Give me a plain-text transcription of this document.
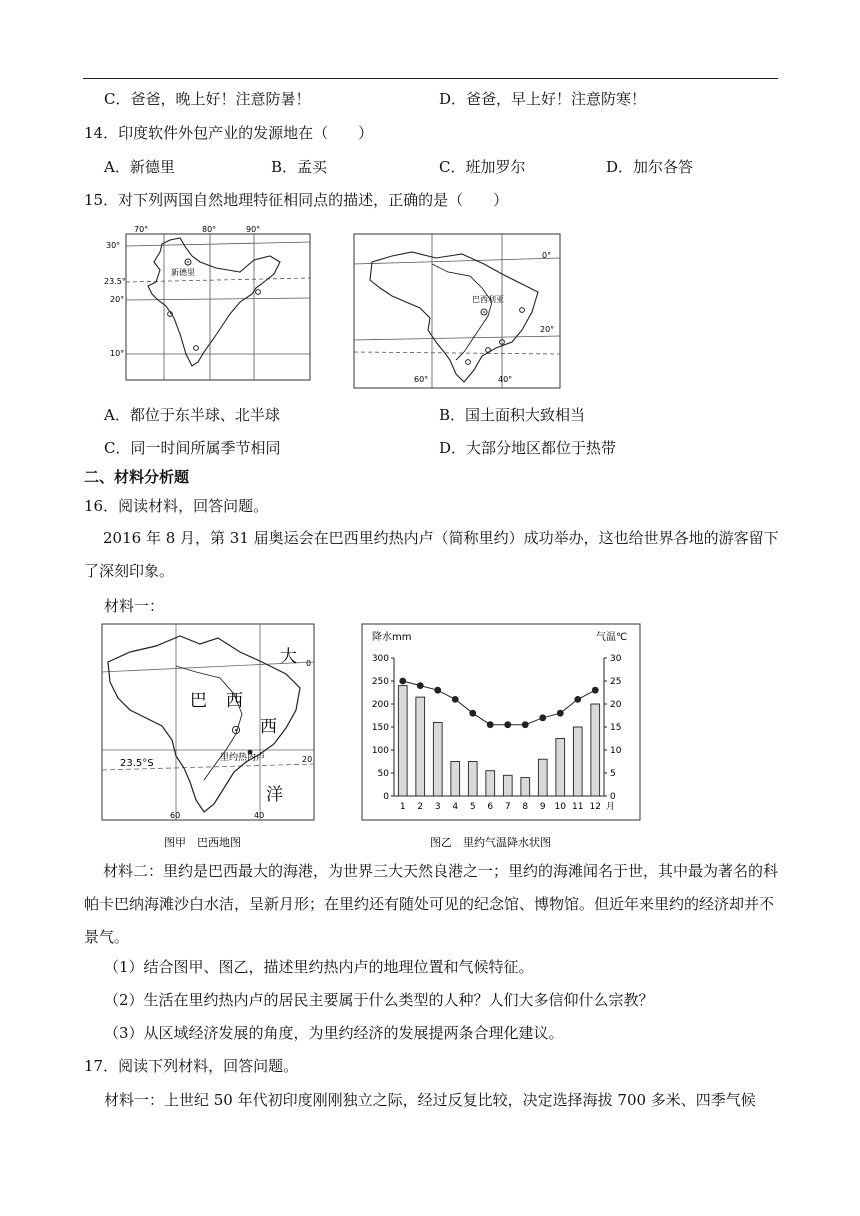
C．爸爸，晚上好！注意防暑！	D．爸爸，早上好！注意防寒！
14．印度软件外包产业的发源地在（　　）
A．新德里	B．孟买	C．班加罗尔	D．加尔各答
15．对下列两国自然地理特征相同点的描述，正确的是（　　）
新德里
70°	80°	90°
30°
23.5°
20°
10°
巴西利亚
0°
20°
60°	40°
A．都位于东半球、北半球	B．国土面积大致相当
C．同一时间所属季节相同	D．大部分地区都位于热带
二、材料分析题
16．阅读材料，回答问题。
2016 年 8 月，第 31 届奥运会在巴西里约热内卢（简称里约）成功举办，这也给世界各地的游客留下了深刻印象。
材料一：
巴 西
大
西
洋
23.5°S	里约热内卢
0
20
60	40
图甲　巴西地图
降水mm	气温℃
0
50
100
150
200
250
300
0
5
10
15
20
25
30
1 2 3 4 5 6 7 8 9 10 11 12 月
图乙　里约气温降水状图
材料二：里约是巴西最大的海港，为世界三大天然良港之一；里约的海滩闻名于世，其中最为著名的科帕卡巴纳海滩沙白水洁，呈新月形；在里约还有随处可见的纪念馆、博物馆。但近年来里约的经济却并不景气。
（1）结合图甲、图乙，描述里约热内卢的地理位置和气候特征。
（2）生活在里约热内卢的居民主要属于什么类型的人种？人们大多信仰什么宗教？
（3）从区域经济发展的角度，为里约经济的发展提两条合理化建议。
17．阅读下列材料，回答问题。
材料一：上世纪 50 年代初印度刚刚独立之际，经过反复比较，决定选择海拔 700 多米、四季气候
